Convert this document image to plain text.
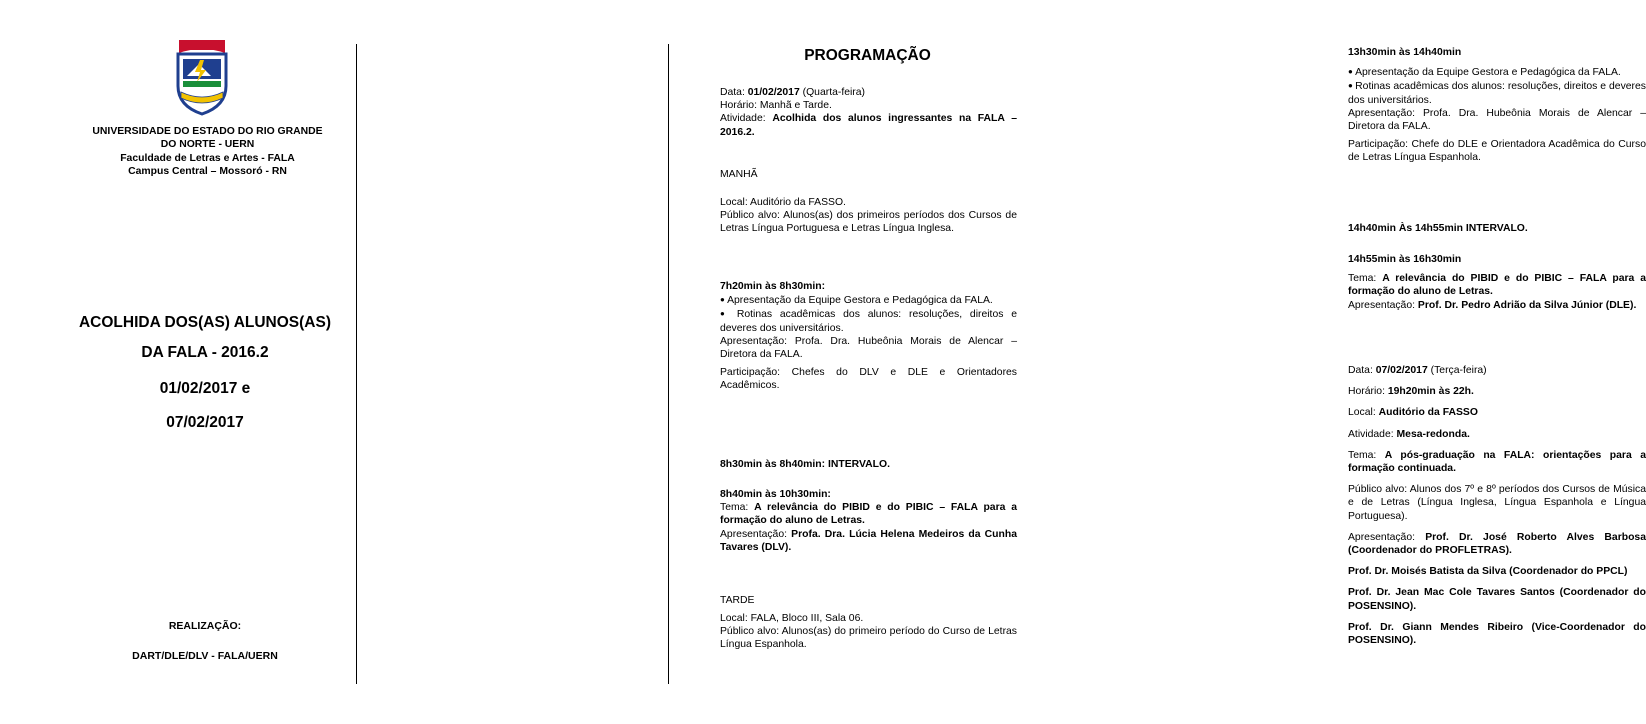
UNIVERSIDADE DO ESTADO DO RIO GRANDE
DO NORTE - UERN
Faculdade de Letras e Artes - FALA
Campus Central – Mossoró - RN
ACOLHIDA DOS(AS) ALUNOS(AS)
DA FALA - 2016.2
01/02/2017 e
07/02/2017
REALIZAÇÃO:
DART/DLE/DLV - FALA/UERN
PROGRAMAÇÃO

Data: 01/02/2017 (Quarta-feira)

Horário: Manhã e Tarde.

Atividade: Acolhida dos alunos ingressantes na FALA – 2016.2.

MANHÃ

Local: Auditório da FASSO.

Público alvo: Alunos(as) dos primeiros períodos dos Cursos de Letras Língua Portuguesa e Letras Língua Inglesa.

7h20min às 8h30min:

● Apresentação da Equipe Gestora e Pedagógica da FALA.

● Rotinas acadêmicas dos alunos: resoluções, direitos e deveres dos universitários.

Apresentação: Profa. Dra. Hubeônia Morais de Alencar – Diretora da FALA.

Participação: Chefes do DLV e DLE e Orientadores Acadêmicos.

8h30min às 8h40min: INTERVALO.

8h40min às 10h30min:

Tema: A relevância do PIBID e do PIBIC – FALA para a formação do aluno de Letras.

Apresentação: Profa. Dra. Lúcia Helena Medeiros da Cunha Tavares (DLV).

TARDE

Local: FALA, Bloco III, Sala 06.

Público alvo: Alunos(as) do primeiro período do Curso de Letras Língua Espanhola.

13h30min às 14h40min

● Apresentação da Equipe Gestora e Pedagógica da FALA.

● Rotinas acadêmicas dos alunos: resoluções, direitos e deveres dos universitários.

Apresentação: Profa. Dra. Hubeônia Morais de Alencar – Diretora da FALA.

Participação: Chefe do DLE e Orientadora Acadêmica do Curso de Letras Língua Espanhola.

14h40min Às 14h55min INTERVALO.

14h55min às 16h30min

Tema: A relevância do PIBID e do PIBIC – FALA para a formação do aluno de Letras.

Apresentação: Prof. Dr. Pedro Adrião da Silva Júnior (DLE).

Data: 07/02/2017 (Terça-feira)

Horário: 19h20min às 22h.

Local: Auditório da FASSO

Atividade: Mesa-redonda.

Tema: A pós-graduação na FALA: orientações para a formação continuada.

Público alvo: Alunos dos 7º e 8º períodos dos Cursos de Música e de Letras (Língua Inglesa, Língua Espanhola e Língua Portuguesa).

Apresentação: Prof. Dr. José Roberto Alves Barbosa (Coordenador do PROFLETRAS).

Prof. Dr. Moisés Batista da Silva (Coordenador do PPCL)

Prof. Dr. Jean Mac Cole Tavares Santos (Coordenador do POSENSINO).

Prof. Dr. Giann Mendes Ribeiro (Vice-Coordenador do POSENSINO).
